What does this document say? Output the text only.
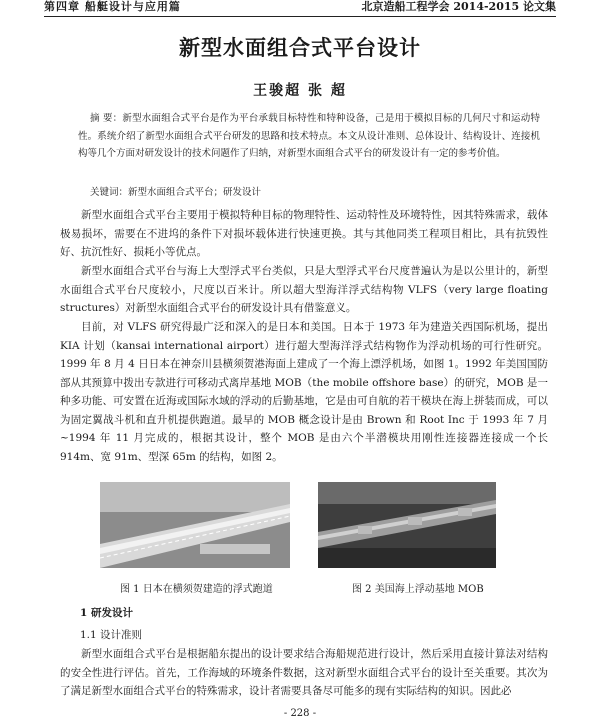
第四章 船艇设计与应用篇	北京造船工程学会 2014-2015 论文集
新型水面组合式平台设计
王骏超 张 超
摘 要：新型水面组合式平台是作为平台承载目标特性和特种设备，己是用于模拟目标的几何尺寸和运动特性。系统介绍了新型水面组合式平台研发的思路和技术特点。本文从设计准则、总体设计、结构设计、连接机构等几个方面对研发设计的技术问题作了归纳，对新型水面组合式平台的研发设计有一定的参考价值。
关键词：新型水面组合式平台；研发设计

新型水面组合式平台主要用于模拟特种目标的物理特性、运动特性及环境特性，因其特殊需求，载体极易损坏，需要在不进坞的条件下对损坏载体进行快速更换。其与其他同类工程项目相比，具有抗毁性好、抗沉性好、损耗小等优点。

新型水面组合式平台与海上大型浮式平台类似，只是大型浮式平台尺度普遍认为是以公里计的，新型水面组合式平台尺度较小，尺度以百米计。所以超大型海洋浮式结构物 VLFS（very large floating structures）对新型水面组合式平台的研发设计具有借鉴意义。

目前，对 VLFS 研究得最广泛和深入的是日本和美国。日本于 1973 年为建造关西国际机场，提出 KIA 计划（kansai international airport）进行超大型海洋浮式结构物作为浮动机场的可行性研究。1999 年 8 月 4 日日本在神奈川县横须贺港海面上建成了一个海上漂浮机场，如图 1。1992 年美国国防部从其预算中拨出专款进行可移动式离岸基地 MOB（the mobile offshore base）的研究，MOB 是一种多功能、可安置在近海或国际水域的浮动的后勤基地，它是由可自航的若干模块在海上拼装而成，可以为固定翼战斗机和直升机提供跑道。最早的 MOB 概念设计是由 Brown 和 Root Inc 于 1993 年 7 月~1994 年 11 月完成的，根据其设计，整个 MOB 是由六个半潜模块用刚性连接器连接成一个长 914m、宽 91m、型深 65m 的结构，如图 2。

图 1 日本在横须贺建造的浮式跑道	图 2 美国海上浮动基地 MOB
1 研发设计
1.1 设计准则

新型水面组合式平台是根据船东提出的设计要求结合海船规范进行设计，然后采用直接计算法对结构的安全性进行评估。首先，工作海域的环境条件数据，这对新型水面组合式平台的设计至关重要。其次为了满足新型水面组合式平台的特殊需求，设计者需要具备尽可能多的现有实际结构的知识。因此必

- 228 -
